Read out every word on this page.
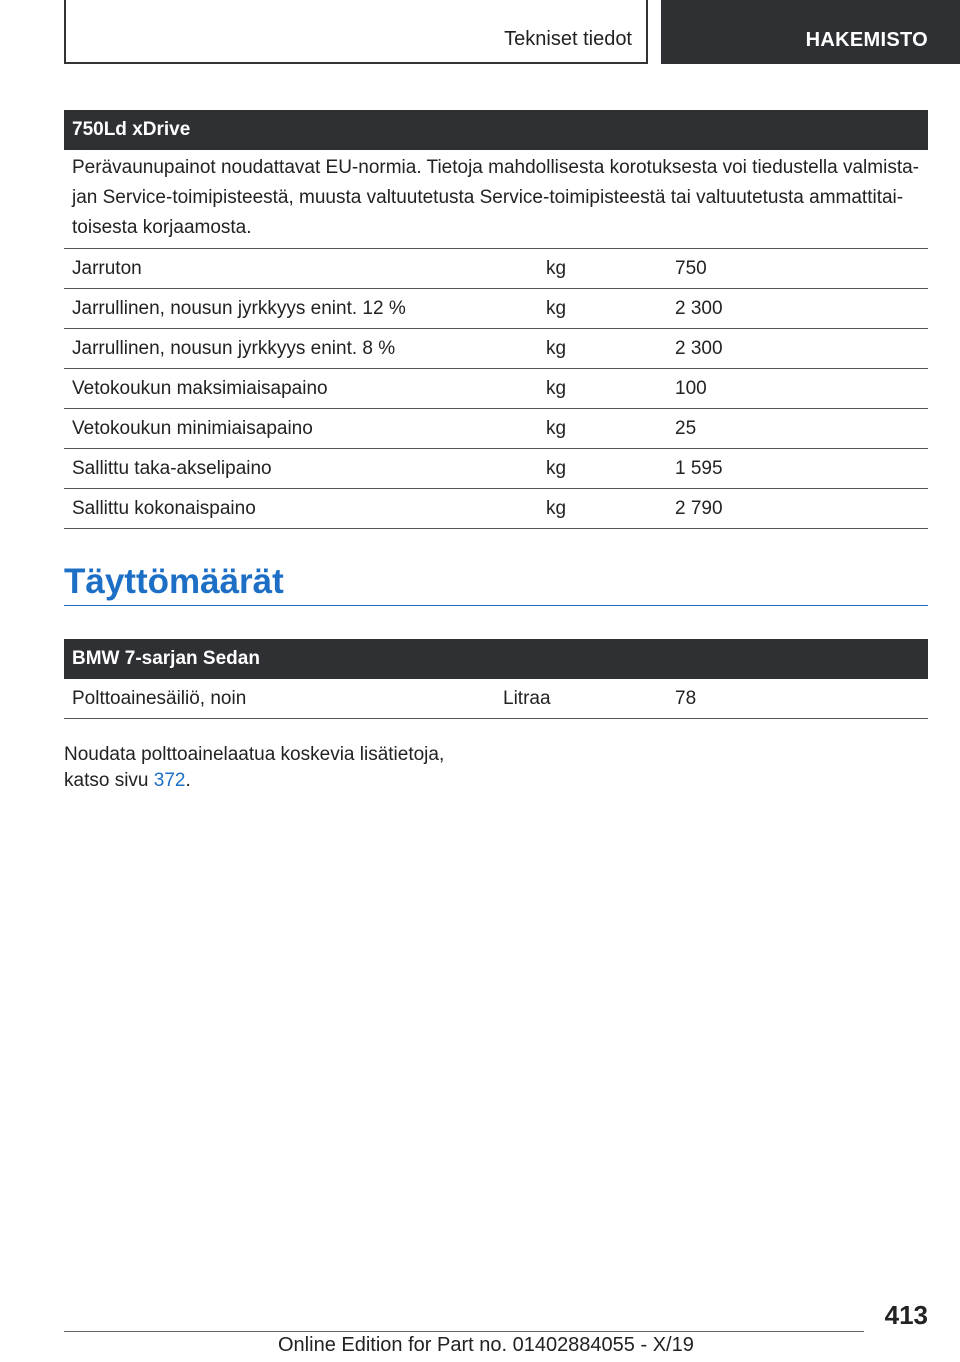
Tekniset tiedot	HAKEMISTO
750Ld xDrive
Perävaunupainot noudattavat EU-normia. Tietoja mahdollisesta korotuksesta voi tiedustella valmista-
jan Service-toimipisteestä, muusta valtuutetusta Service-toimipisteestä tai valtuutetusta ammattitai-
toisesta korjaamosta.
Jarruton	kg	750
Jarrullinen, nousun jyrkkyys enint. 12 %	kg	2 300
Jarrullinen, nousun jyrkkyys enint. 8 %	kg	2 300
Vetokoukun maksimiaisapaino	kg	100
Vetokoukun minimiaisapaino	kg	25
Sallittu taka-akselipaino	kg	1 595
Sallittu kokonaispaino	kg	2 790
Täyttömäärät
BMW 7-sarjan Sedan
Polttoainesäiliö, noin	Litraa	78
Noudata polttoainelaatua koskevia lisätietoja,
katso sivu 372.
413
Online Edition for Part no. 01402884055 - X/19
